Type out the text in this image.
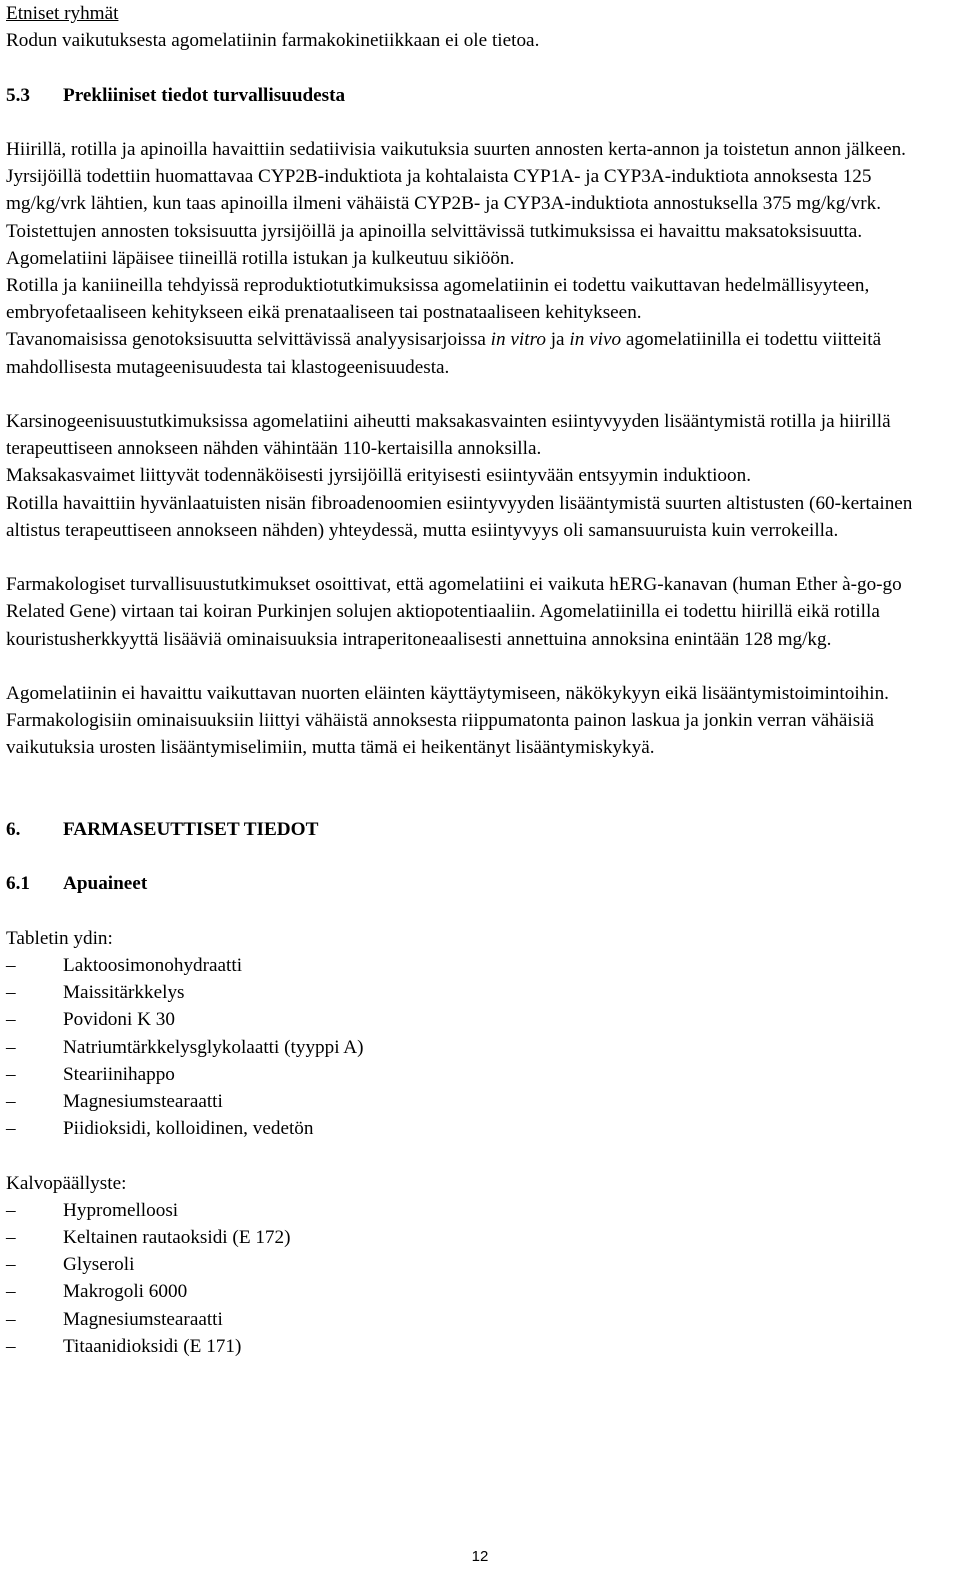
Etniset ryhmät

Rodun vaikutuksesta agomelatiinin farmakokinetiikkaan ei ole tietoa.

5.3	Prekliiniset tiedot turvallisuudesta

Hiirillä, rotilla ja apinoilla havaittiin sedatiivisia vaikutuksia suurten annosten kerta-annon ja toistetun annon jälkeen.

Jyrsijöillä todettiin huomattavaa CYP2B-induktiota ja kohtalaista CYP1A- ja CYP3A-induktiota annoksesta 125 mg/kg/vrk lähtien, kun taas apinoilla ilmeni vähäistä CYP2B- ja CYP3A-induktiota annostuksella 375 mg/kg/vrk. Toistettujen annosten toksisuutta jyrsijöillä ja apinoilla selvittävissä tutkimuksissa ei havaittu maksatoksisuutta.

Agomelatiini läpäisee tiineillä rotilla istukan ja kulkeutuu sikiöön.

Rotilla ja kaniineilla tehdyissä reproduktiotutkimuksissa agomelatiinin ei todettu vaikuttavan hedelmällisyyteen, embryofetaaliseen kehitykseen eikä prenataaliseen tai postnataaliseen kehitykseen.

Tavanomaisissa genotoksisuutta selvittävissä analyysisarjoissa in vitro ja in vivo agomelatiinilla ei todettu viitteitä mahdollisesta mutageenisuudesta tai klastogeenisuudesta.

Karsinogeenisuustutkimuksissa agomelatiini aiheutti maksakasvainten esiintyvyyden lisääntymistä rotilla ja hiirillä terapeuttiseen annokseen nähden vähintään 110-kertaisilla annoksilla.

Maksakasvaimet liittyvät todennäköisesti jyrsijöillä erityisesti esiintyvään entsyymin induktioon.

Rotilla havaittiin hyvänlaatuisten nisän fibroadenoomien esiintyvyyden lisääntymistä suurten altistusten (60-kertainen altistus terapeuttiseen annokseen nähden) yhteydessä, mutta esiintyvyys oli samansuuruista kuin verrokeilla.

Farmakologiset turvallisuustutkimukset osoittivat, että agomelatiini ei vaikuta hERG-kanavan (human Ether à-go-go Related Gene) virtaan tai koiran Purkinjen solujen aktiopotentiaaliin. Agomelatiinilla ei todettu hiirillä eikä rotilla kouristusherkkyyttä lisääviä ominaisuuksia intraperitoneaalisesti annettuina annoksina enintään 128 mg/kg.

Agomelatiinin ei havaittu vaikuttavan nuorten eläinten käyttäytymiseen, näkökykyyn eikä lisääntymistoimintoihin. Farmakologisiin ominaisuuksiin liittyi vähäistä annoksesta riippumatonta painon laskua ja jonkin verran vähäisiä vaikutuksia urosten lisääntymiselimiin, mutta tämä ei heikentänyt lisääntymiskykyä.

6.	FARMASEUTTISET TIEDOT
6.1	Apuaineet

Tabletin ydin:

–	Laktoosimonohydraatti
–	Maissitärkkelys
–	Povidoni K 30
–	Natriumtärkkelysglykolaatti (tyyppi A)
–	Steariinihappo
–	Magnesiumstearaatti
–	Piidioksidi, kolloidinen, vedetön

Kalvopäällyste:

–	Hypromelloosi
–	Keltainen rautaoksidi (E 172)
–	Glyseroli
–	Makrogoli 6000
–	Magnesiumstearaatti
–	Titaanidioksidi (E 171)
12
